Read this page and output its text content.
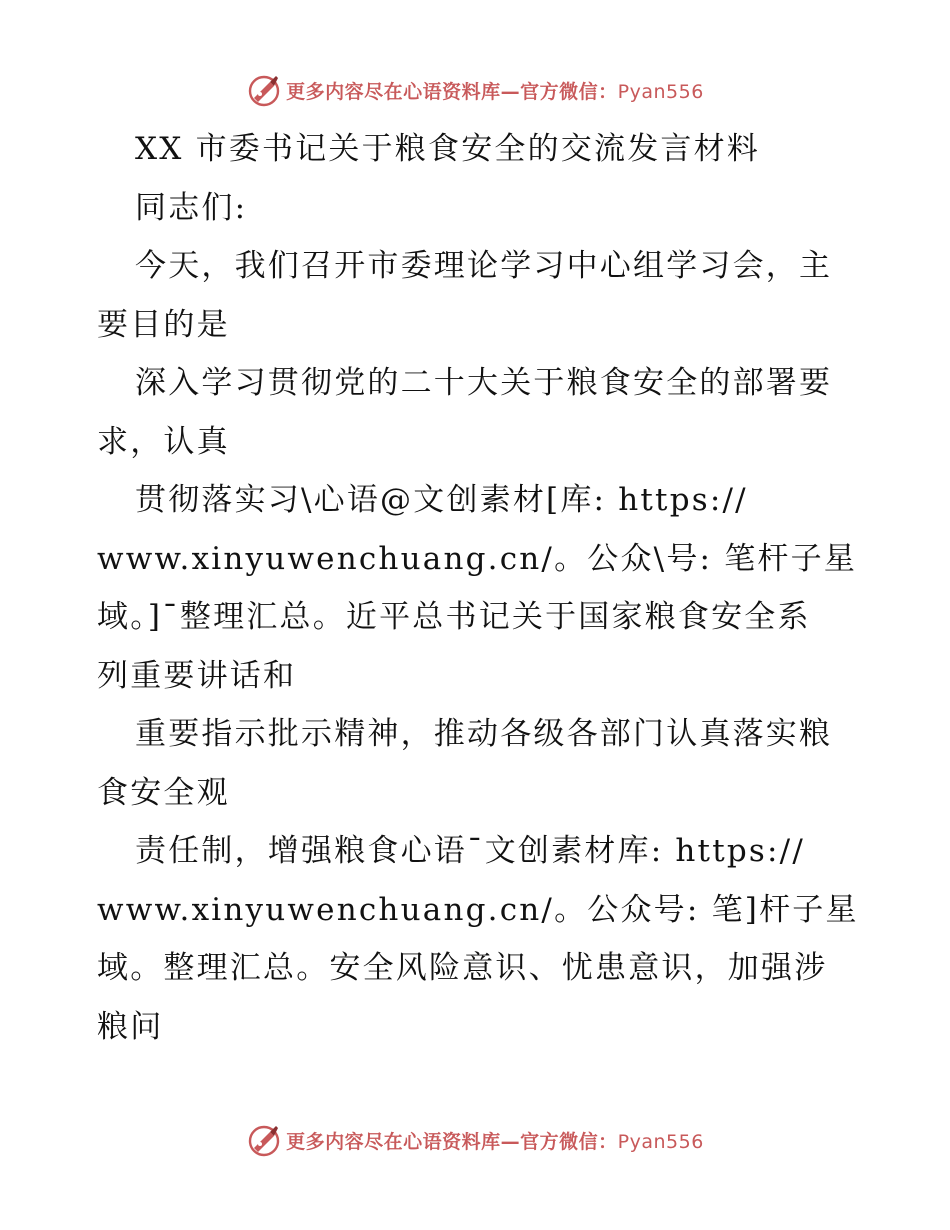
更多内容尽在心语资料库—官方微信：Pyan556
XX 市委书记关于粮食安全的交流发言材料
同志们:
今天，我们召开市委理论学习中心组学习会，主
要目的是
深入学习贯彻党的二十大关于粮食安全的部署要
求，认真
贯彻落实习\心语@文创素材[库: https://
www.xinyuwenchuang.cn/。公众\号: 笔杆子星
域。]¯整理汇总。近平总书记关于国家粮食安全系
列重要讲话和
重要指示批示精神，推动各级各部门认真落实粮
食安全观
责任制，增强粮食心语¯文创素材库: https://
www.xinyuwenchuang.cn/。公众号: 笔]杆子星
域。整理汇总。安全风险意识、忧患意识，加强涉
粮问
更多内容尽在心语资料库—官方微信：Pyan556
